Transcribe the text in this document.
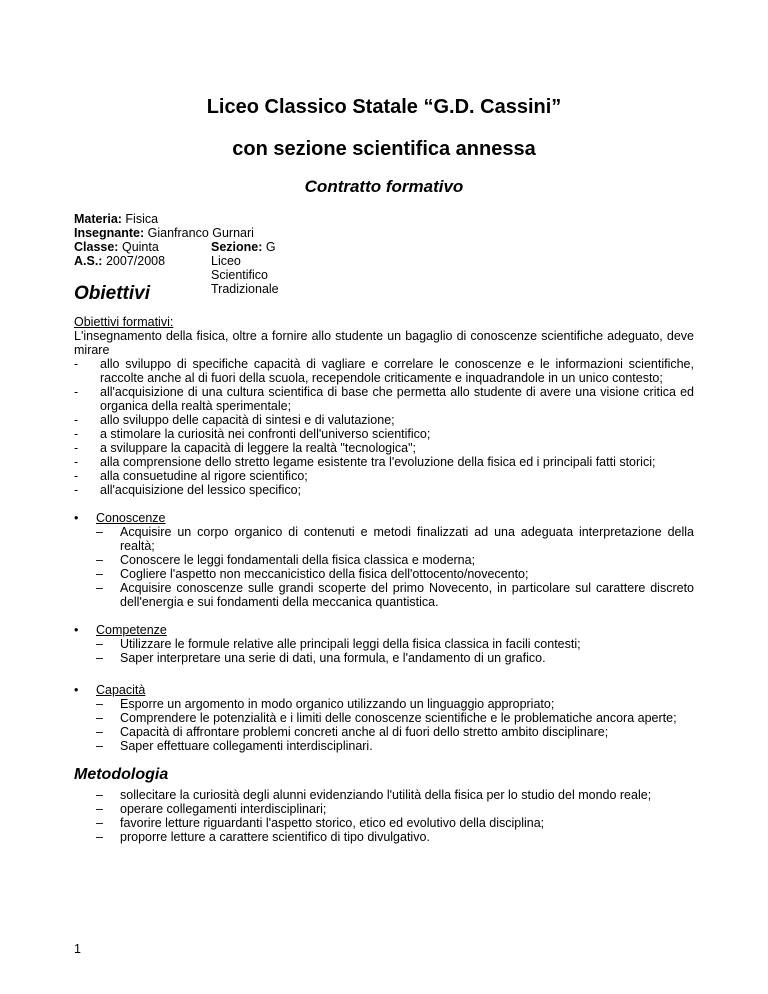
Liceo Classico Statale “G.D. Cassini”
con sezione scientifica annessa
Contratto formativo
Materia: Fisica
Insegnante: Gianfranco Gurnari
Classe: Quinta	Sezione: G Liceo Scientifico Tradizionale
A.S.: 2007/2008
Obiettivi
Obiettivi formativi:
L'insegnamento della fisica, oltre a fornire allo studente un bagaglio di conoscenze scientifiche adeguato, deve mirare
- allo sviluppo di specifiche capacità di vagliare e correlare le conoscenze e le informazioni scientifiche, raccolte anche al di fuori della scuola, recependole criticamente e inquadrandole in un unico contesto;
- all'acquisizione di una cultura scientifica di base che permetta allo studente di avere una visione critica ed organica della realtà sperimentale;
- allo sviluppo delle capacità di sintesi e di valutazione;
- a stimolare la curiosità nei confronti dell'universo scientifico;
- a sviluppare la capacità di leggere la realtà "tecnologica";
- alla comprensione dello stretto legame esistente tra l'evoluzione della fisica ed i principali fatti storici;
- alla consuetudine al rigore scientifico;
- all'acquisizione del lessico specifico;
• Conoscenze
– Acquisire un corpo organico di contenuti e metodi finalizzati ad una adeguata interpretazione della realtà;
– Conoscere le leggi fondamentali della fisica classica e moderna;
– Cogliere l'aspetto non meccanicistico della fisica dell'ottocento/novecento;
– Acquisire conoscenze sulle grandi scoperte del primo Novecento, in particolare sul carattere discreto dell'energia e sui fondamenti della meccanica quantistica.
• Competenze
– Utilizzare le formule relative alle principali leggi della fisica classica in facili contesti;
– Saper interpretare una serie di dati, una formula, e l'andamento di un grafico.
• Capacità
– Esporre un argomento in modo organico utilizzando un linguaggio appropriato;
– Comprendere le potenzialità e i limiti delle conoscenze scientifiche e le problematiche ancora aperte;
– Capacità di affrontare problemi concreti anche al di fuori dello stretto ambito disciplinare;
– Saper effettuare collegamenti interdisciplinari.
Metodologia
– sollecitare la curiosità degli alunni evidenziando l'utilità della fisica per lo studio del mondo reale;
– operare collegamenti interdisciplinari;
– favorire letture riguardanti l'aspetto storico, etico ed evolutivo della disciplina;
– proporre letture a carattere scientifico di tipo divulgativo.
1
